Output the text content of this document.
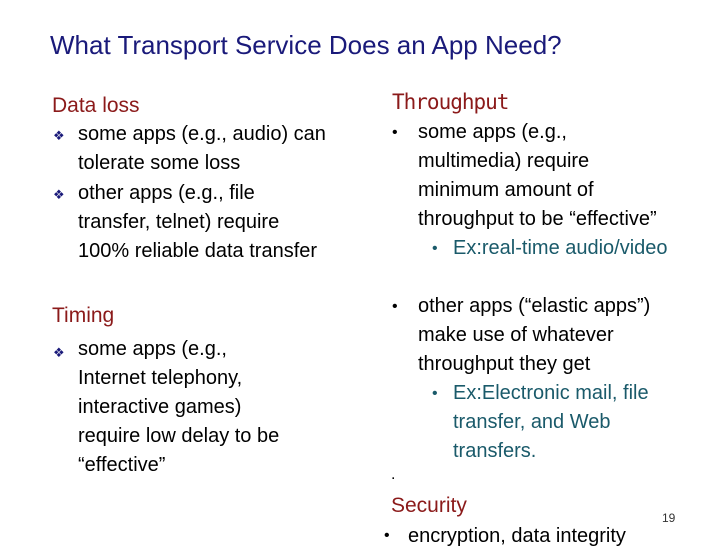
What Transport Service Does an App Need?
Data loss
❖ some apps (e.g., audio) can
tolerate some loss
❖ other apps (e.g., file
transfer, telnet) require
100% reliable data transfer
Timing
❖ some apps (e.g.,
Internet telephony,
interactive games)
require low delay to be
“effective”
Throughput
• some apps (e.g.,
multimedia) require
minimum amount of
throughput to be “effective”
• Ex:real-time audio/video
• other apps (“elastic apps”)
make use of whatever
throughput they get
• Ex:Electronic mail, file
transfer, and Web
transfers.
.
Security
• encryption, data integrity
19
